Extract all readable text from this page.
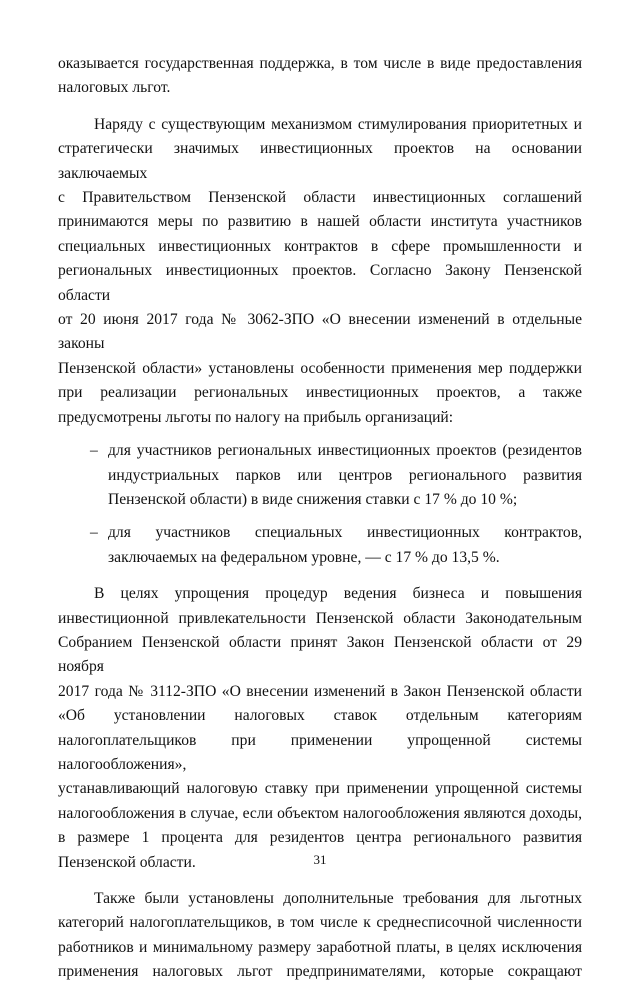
оказывается государственная поддержка, в том числе в виде предоставления

налоговых льгот.

Наряду с существующим механизмом стимулирования приоритетных и

стратегически значимых инвестиционных проектов на основании заключаемых

с Правительством Пензенской области инвестиционных соглашений

принимаются меры по развитию в нашей области института участников

специальных инвестиционных контрактов в сфере промышленности и

региональных инвестиционных проектов. Согласно Закону Пензенской области

от 20 июня 2017 года № 3062-ЗПО «О внесении изменений в отдельные законы

Пензенской области» установлены особенности применения мер поддержки

при реализации региональных инвестиционных проектов, а также

предусмотрены льготы по налогу на прибыль организаций:

– для участников региональных инвестиционных проектов (резидентов

индустриальных парков или центров регионального развития

Пензенской области) в виде снижения ставки с 17 % до 10 %;

– для участников специальных инвестиционных контрактов,

заключаемых на федеральном уровне, — с 17 % до 13,5 %.

В целях упрощения процедур ведения бизнеса и повышения

инвестиционной привлекательности Пензенской области Законодательным

Собранием Пензенской области принят Закон Пензенской области от 29 ноября

2017 года № 3112-ЗПО «О внесении изменений в Закон Пензенской области

«Об установлении налоговых ставок отдельным категориям

налогоплательщиков при применении упрощенной системы налогообложения»,

устанавливающий налоговую ставку при применении упрощенной системы

налогообложения в случае, если объектом налогообложения являются доходы,

в размере 1 процента для резидентов центра регионального развития

Пензенской области.

Также были установлены дополнительные требования для льготных

категорий налогоплательщиков, в том числе к среднесписочной численности

работников и минимальному размеру заработной платы, в целях исключения

применения налоговых льгот предпринимателями, которые сокращают

31
